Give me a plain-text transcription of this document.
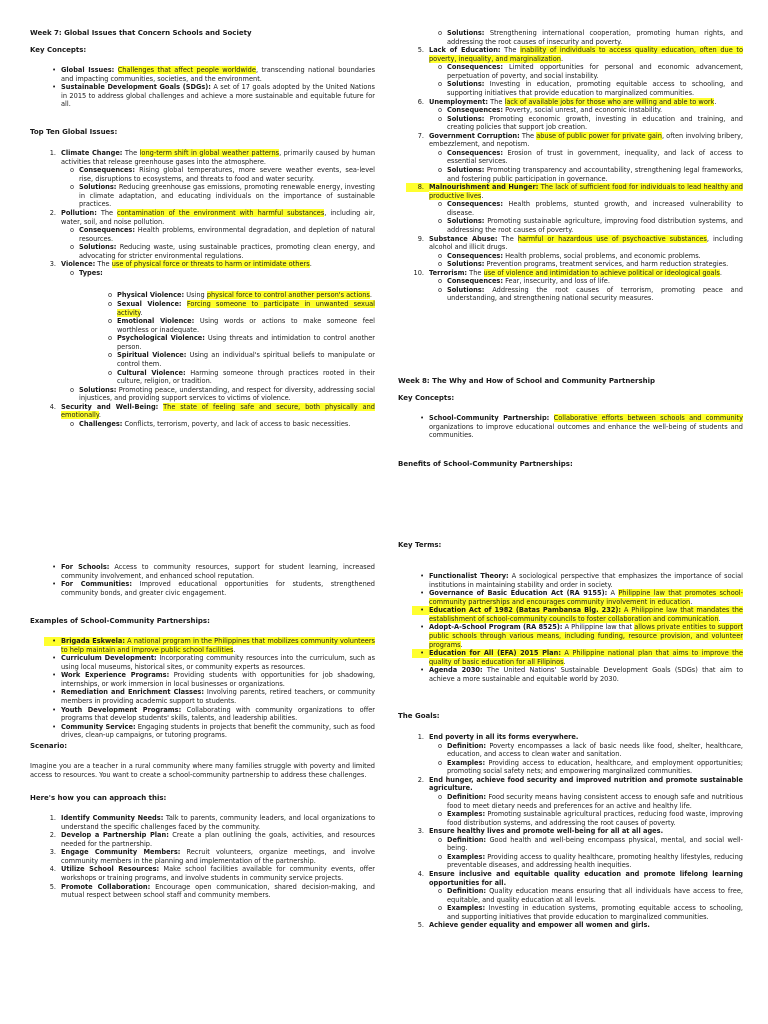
Week 7: Global Issues that Concern Schools and Society
Key Concepts:
• Global Issues: Challenges that affect people worldwide, transcending national boundaries and impacting communities, societies, and the environment.
• Sustainable Development Goals (SDGs): A set of 17 goals adopted by the United Nations in 2015 to address global challenges and achieve a more sustainable and equitable future for all.
Top Ten Global Issues:
1. Climate Change: The long-term shift in global weather patterns, primarily caused by human activities that release greenhouse gases into the atmosphere.
o Consequences: Rising global temperatures, more severe weather events, sea-level rise, disruptions to ecosystems, and threats to food and water security.
o Solutions: Reducing greenhouse gas emissions, promoting renewable energy, investing in climate adaptation, and educating individuals on the importance of sustainable practices.
2. Pollution: The contamination of the environment with harmful substances, including air, water, soil, and noise pollution.
o Consequences: Health problems, environmental degradation, and depletion of natural resources.
o Solutions: Reducing waste, using sustainable practices, promoting clean energy, and advocating for stricter environmental regulations.
3. Violence: The use of physical force or threats to harm or intimidate others.
o Types:
o Physical Violence: Using physical force to control another person's actions.
o Sexual Violence: Forcing someone to participate in unwanted sexual activity.
o Emotional Violence: Using words or actions to make someone feel worthless or inadequate.
o Psychological Violence: Using threats and intimidation to control another person.
o Spiritual Violence: Using an individual's spiritual beliefs to manipulate or control them.
o Cultural Violence: Harming someone through practices rooted in their culture, religion, or tradition.
o Solutions: Promoting peace, understanding, and respect for diversity, addressing social injustices, and providing support services to victims of violence.
4. Security and Well-Being: The state of feeling safe and secure, both physically and emotionally.
o Challenges: Conflicts, terrorism, poverty, and lack of access to basic necessities.
• For Schools: Access to community resources, support for student learning, increased community involvement, and enhanced school reputation.
• For Communities: Improved educational opportunities for students, strengthened community bonds, and greater civic engagement.
Examples of School-Community Partnerships:
• Brigada Eskwela: A national program in the Philippines that mobilizes community volunteers to help maintain and improve public school facilities.
• Curriculum Development: Incorporating community resources into the curriculum, such as using local museums, historical sites, or community experts as resources.
• Work Experience Programs: Providing students with opportunities for job shadowing, internships, or work immersion in local businesses or organizations.
• Remediation and Enrichment Classes: Involving parents, retired teachers, or community members in providing academic support to students.
• Youth Development Programs: Collaborating with community organizations to offer programs that develop students' skills, talents, and leadership abilities.
• Community Service: Engaging students in projects that benefit the community, such as food drives, clean-up campaigns, or tutoring programs.
Scenario:

Imagine you are a teacher in a rural community where many families struggle with poverty and limited access to resources. You want to create a school-community partnership to address these challenges.

Here's how you can approach this:
1. Identify Community Needs: Talk to parents, community leaders, and local organizations to understand the specific challenges faced by the community.
2. Develop a Partnership Plan: Create a plan outlining the goals, activities, and resources needed for the partnership.
3. Engage Community Members: Recruit volunteers, organize meetings, and involve community members in the planning and implementation of the partnership.
4. Utilize School Resources: Make school facilities available for community events, offer workshops or training programs, and involve students in community service projects.
5. Promote Collaboration: Encourage open communication, shared decision-making, and mutual respect between school staff and community members.
o Solutions: Strengthening international cooperation, promoting human rights, and addressing the root causes of insecurity and poverty.
5. Lack of Education: The inability of individuals to access quality education, often due to poverty, inequality, and marginalization.
o Consequences: Limited opportunities for personal and economic advancement, perpetuation of poverty, and social instability.
o Solutions: Investing in education, promoting equitable access to schooling, and supporting initiatives that provide education to marginalized communities.
6. Unemployment: The lack of available jobs for those who are willing and able to work.
o Consequences: Poverty, social unrest, and economic instability.
o Solutions: Promoting economic growth, investing in education and training, and creating policies that support job creation.
7. Government Corruption: The abuse of public power for private gain, often involving bribery, embezzlement, and nepotism.
o Consequences: Erosion of trust in government, inequality, and lack of access to essential services.
o Solutions: Promoting transparency and accountability, strengthening legal frameworks, and fostering public participation in governance.
8. Malnourishment and Hunger: The lack of sufficient food for individuals to lead healthy and productive lives.
o Consequences: Health problems, stunted growth, and increased vulnerability to disease.
o Solutions: Promoting sustainable agriculture, improving food distribution systems, and addressing the root causes of poverty.
9. Substance Abuse: The harmful or hazardous use of psychoactive substances, including alcohol and illicit drugs.
o Consequences: Health problems, social problems, and economic problems.
o Solutions: Prevention programs, treatment services, and harm reduction strategies.
10. Terrorism: The use of violence and intimidation to achieve political or ideological goals.
o Consequences: Fear, insecurity, and loss of life.
o Solutions: Addressing the root causes of terrorism, promoting peace and understanding, and strengthening national security measures.
Week 8: The Why and How of School and Community Partnership
Key Concepts:
• School-Community Partnership: Collaborative efforts between schools and community organizations to improve educational outcomes and enhance the well-being of students and communities.
Benefits of School-Community Partnerships:
Key Terms:
• Functionalist Theory: A sociological perspective that emphasizes the importance of social institutions in maintaining stability and order in society.
• Governance of Basic Education Act (RA 9155): A Philippine law that promotes school-community partnerships and encourages community involvement in education.
• Education Act of 1982 (Batas Pambansa Blg. 232): A Philippine law that mandates the establishment of school-community councils to foster collaboration and communication.
• Adopt-A-School Program (RA 8525): A Philippine law that allows private entities to support public schools through various means, including funding, resource provision, and volunteer programs.
• Education for All (EFA) 2015 Plan: A Philippine national plan that aims to improve the quality of basic education for all Filipinos.
• Agenda 2030: The United Nations' Sustainable Development Goals (SDGs) that aim to achieve a more sustainable and equitable world by 2030.
The Goals:
1. End poverty in all its forms everywhere.
o Definition: Poverty encompasses a lack of basic needs like food, shelter, healthcare, education, and access to clean water and sanitation.
o Examples: Providing access to education, healthcare, and employment opportunities; promoting social safety nets; and empowering marginalized communities.
2. End hunger, achieve food security and improved nutrition and promote sustainable agriculture.
o Definition: Food security means having consistent access to enough safe and nutritious food to meet dietary needs and preferences for an active and healthy life.
o Examples: Promoting sustainable agricultural practices, reducing food waste, improving food distribution systems, and addressing the root causes of poverty.
3. Ensure healthy lives and promote well-being for all at all ages.
o Definition: Good health and well-being encompass physical, mental, and social well-being.
o Examples: Providing access to quality healthcare, promoting healthy lifestyles, reducing preventable diseases, and addressing health inequities.
4. Ensure inclusive and equitable quality education and promote lifelong learning opportunities for all.
o Definition: Quality education means ensuring that all individuals have access to free, equitable, and quality education at all levels.
o Examples: Investing in education systems, promoting equitable access to schooling, and supporting initiatives that provide education to marginalized communities.
5. Achieve gender equality and empower all women and girls.
